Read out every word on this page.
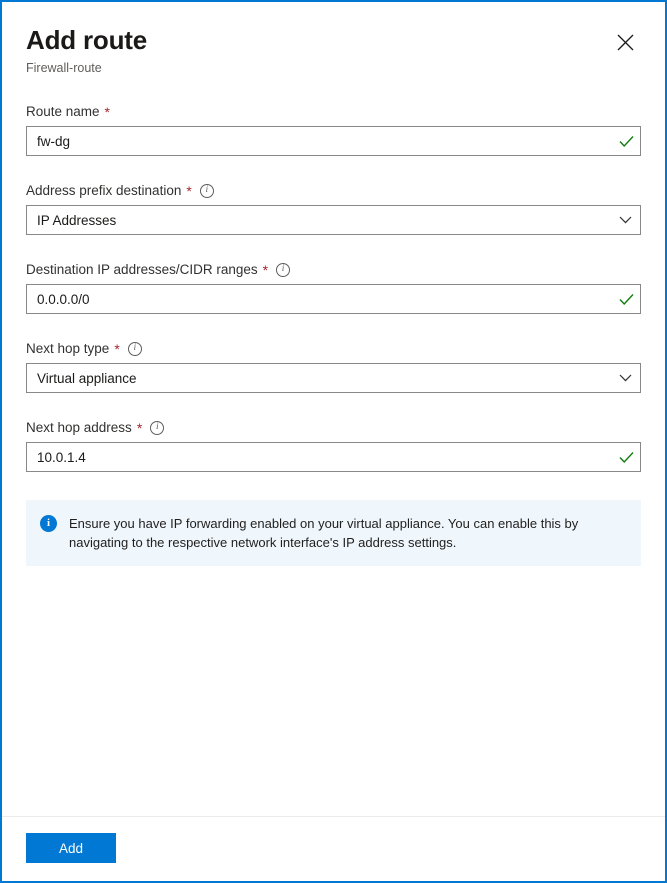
Add route
Firewall-route
Route name *
fw-dg
Address prefix destination *	i
IP Addresses
Destination IP addresses/CIDR ranges *	i
0.0.0.0/0
Next hop type *	i
Virtual appliance
Next hop address *	i
10.0.1.4
i	Ensure you have IP forwarding enabled on your virtual appliance. You can enable this by navigating to the respective network interface's IP address settings.
Add
